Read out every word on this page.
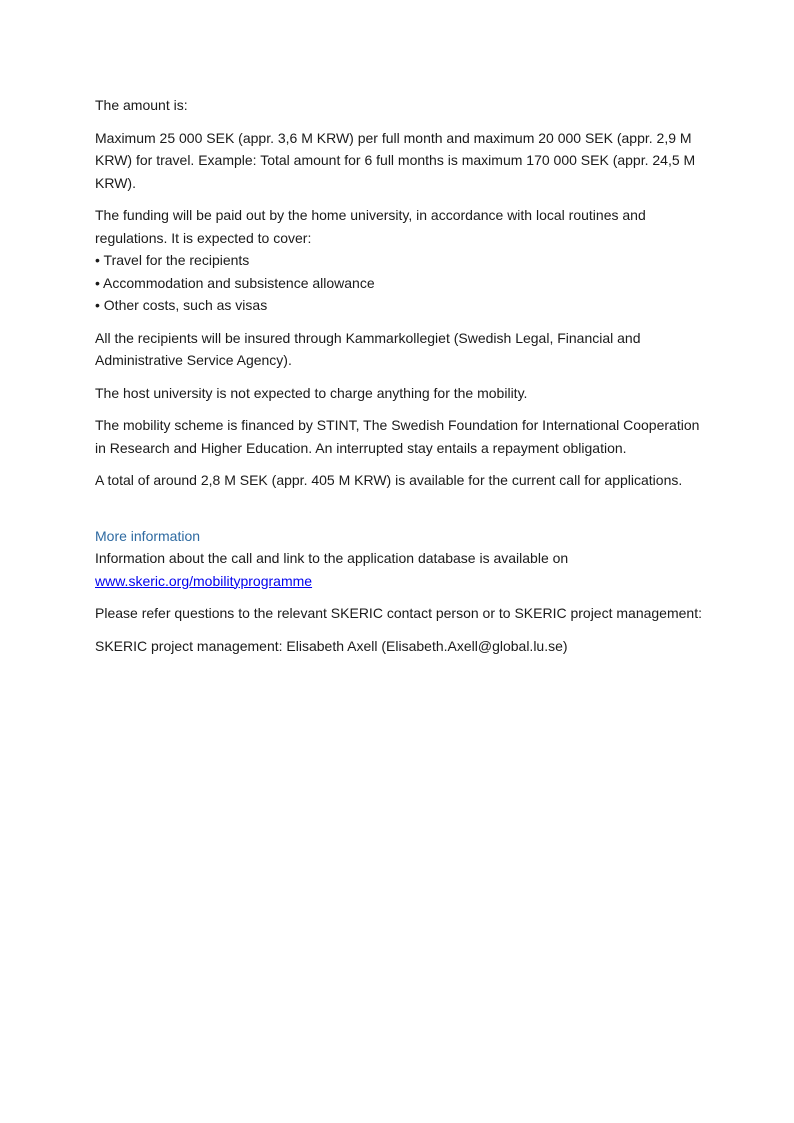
The amount is:

Maximum 25 000 SEK (appr. 3,6 M KRW) per full month and maximum 20 000 SEK (appr. 2,9 M KRW) for travel. Example: Total amount for 6 full months is maximum 170 000 SEK (appr. 24,5 M KRW).

The funding will be paid out by the home university, in accordance with local routines and regulations. It is expected to cover:
• Travel for the recipients
• Accommodation and subsistence allowance
• Other costs, such as visas

All the recipients will be insured through Kammarkollegiet (Swedish Legal, Financial and Administrative Service Agency).

The host university is not expected to charge anything for the mobility.

The mobility scheme is financed by STINT, The Swedish Foundation for International Cooperation in Research and Higher Education. An interrupted stay entails a repayment obligation.

A total of around 2,8 M SEK (appr. 405 M KRW) is available for the current call for applications.

More information

Information about the call and link to the application database is available on
www.skeric.org/mobilityprogramme

Please refer questions to the relevant SKERIC contact person or to SKERIC project management:

SKERIC project management: Elisabeth Axell (Elisabeth.Axell@global.lu.se)
